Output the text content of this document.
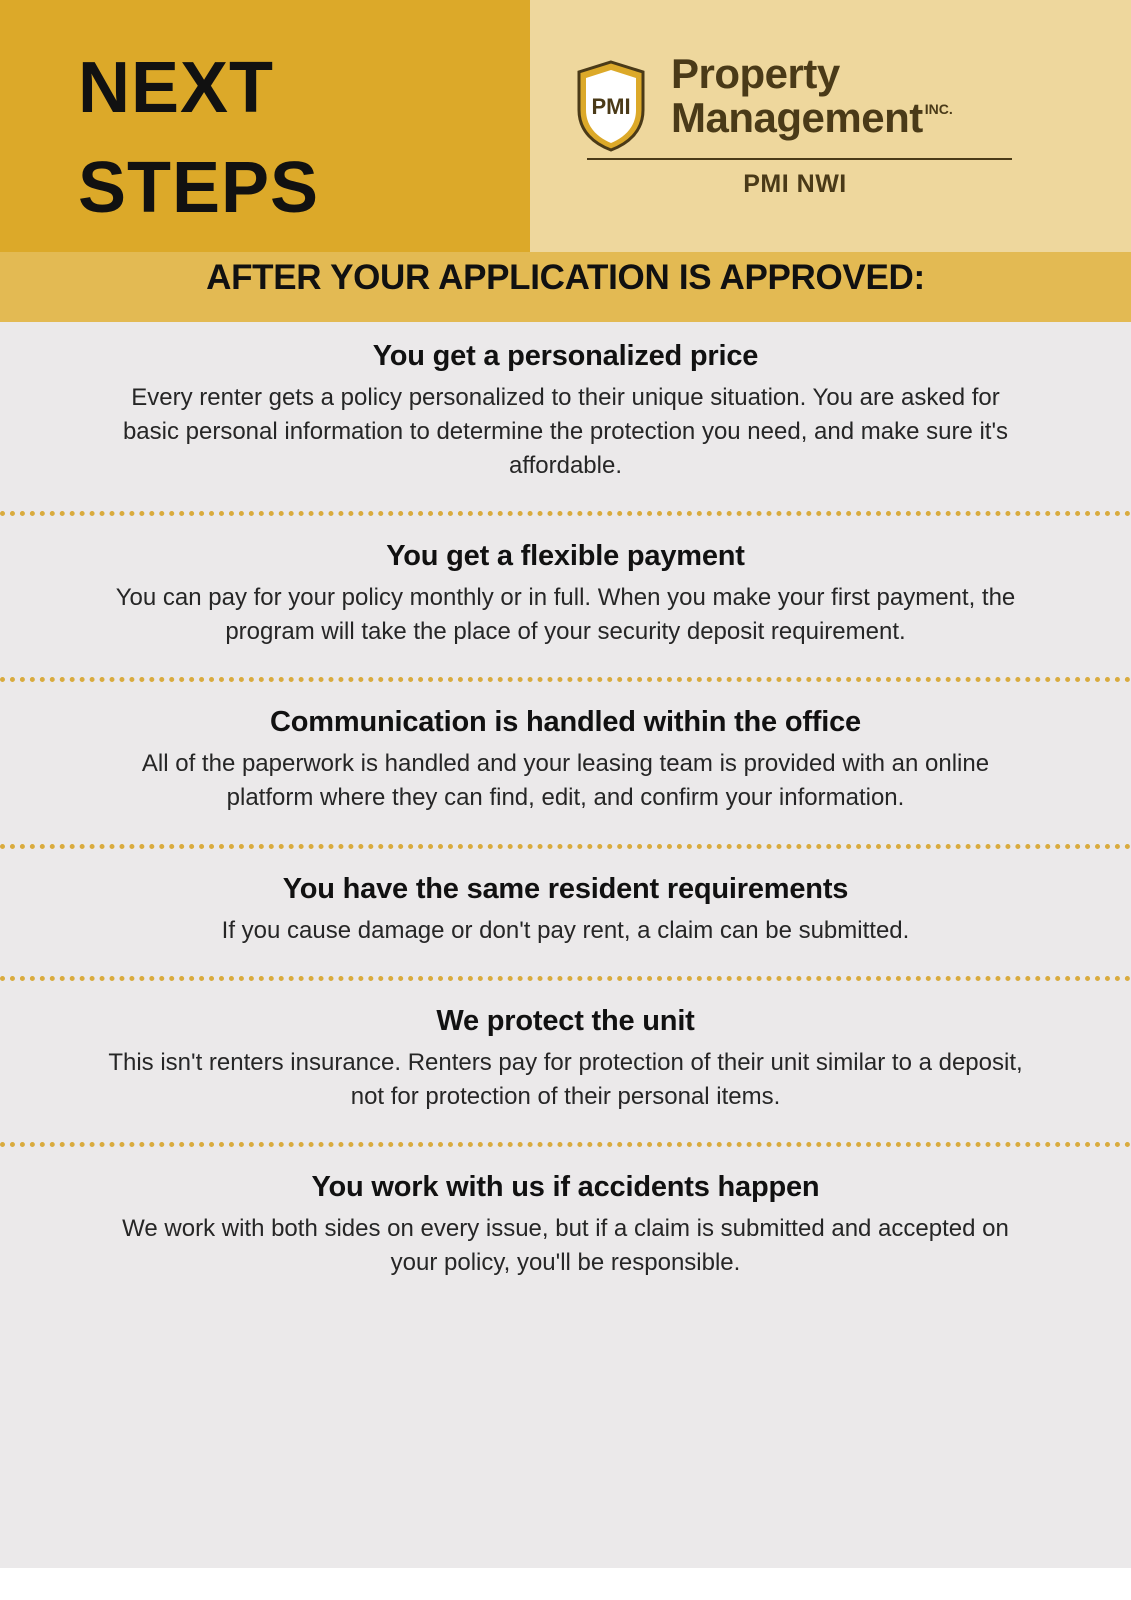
NEXT
STEPS
PMI
Property
Management INC.
PMI NWI
AFTER YOUR APPLICATION IS APPROVED:
You get a personalized price

Every renter gets a policy personalized to their unique situation. You are asked for basic personal information to determine the protection you need, and make sure it's affordable.

You get a flexible payment

You can pay for your policy monthly or in full. When you make your first payment, the program will take the place of your security deposit requirement.

Communication is handled within the office

All of the paperwork is handled and your leasing team is provided with an online platform where they can find, edit, and confirm your information.

You have the same resident requirements

If you cause damage or don't pay rent, a claim can be submitted.

We protect the unit

This isn't renters insurance. Renters pay for protection of their unit similar to a deposit, not for protection of their personal items.

You work with us if accidents happen

We work with both sides on every issue, but if a claim is submitted and accepted on your policy, you'll be responsible.
